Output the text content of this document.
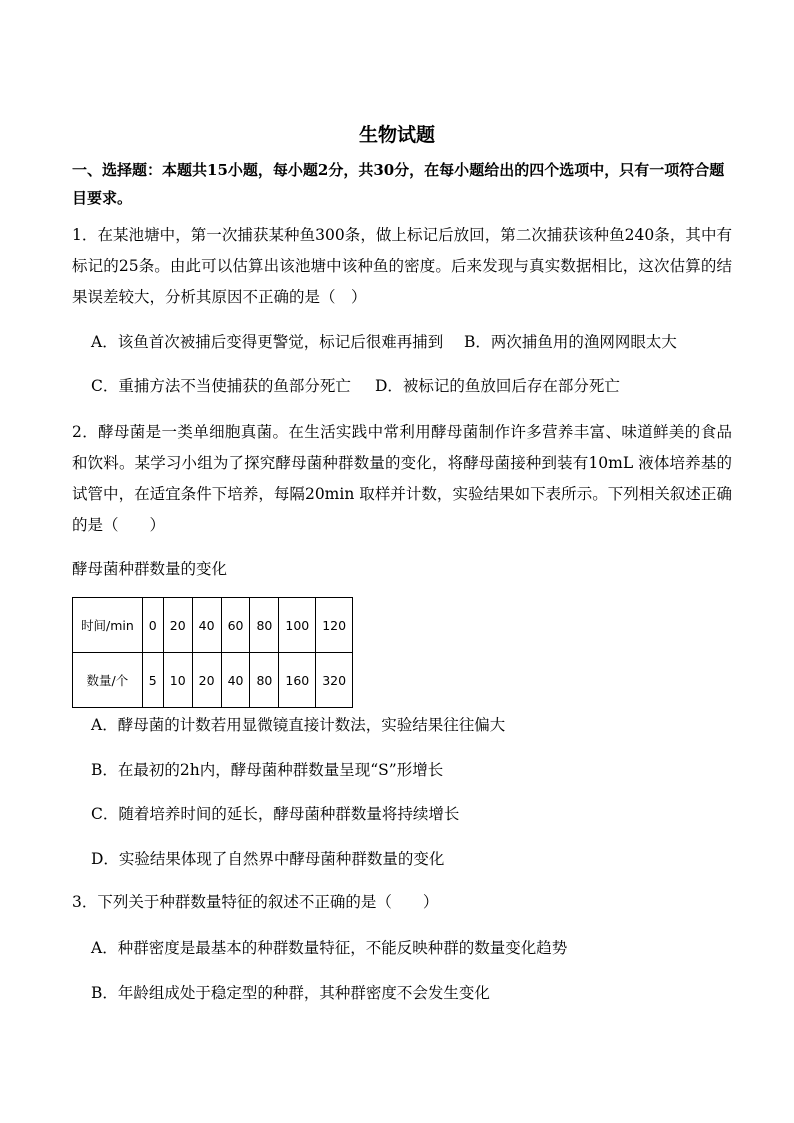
生物试题
一、选择题：本题共15小题，每小题2分，共30分，在每小题给出的四个选项中，只有一项符合题目要求。
1．在某池塘中，第一次捕获某种鱼300条，做上标记后放回，第二次捕获该种鱼240条，其中有标记的25条。由此可以估算出该池塘中该种鱼的密度。后来发现与真实数据相比，这次估算的结果误差较大，分析其原因不正确的是（　）
A．该鱼首次被捕后变得更警觉，标记后很难再捕到 B．两次捕鱼用的渔网网眼太大
C．重捕方法不当使捕获的鱼部分死亡 D．被标记的鱼放回后存在部分死亡
2．酵母菌是一类单细胞真菌。在生活实践中常利用酵母菌制作许多营养丰富、味道鲜美的食品和饮料。某学习小组为了探究酵母菌种群数量的变化，将酵母菌接种到装有10mL 液体培养基的试管中，在适宜条件下培养，每隔20min 取样并计数，实验结果如下表所示。下列相关叙述正确的是（　　）
酵母菌种群数量的变化
时间/min	0	20	40	60	80	100	120
数量/个	5	10	20	40	80	160	320
A．酵母菌的计数若用显微镜直接计数法，实验结果往往偏大
B．在最初的2h内，酵母菌种群数量呈现“S”形增长
C．随着培养时间的延长，酵母菌种群数量将持续增长
D．实验结果体现了自然界中酵母菌种群数量的变化
3．下列关于种群数量特征的叙述不正确的是（　　）
A．种群密度是最基本的种群数量特征，不能反映种群的数量变化趋势
B．年龄组成处于稳定型的种群，其种群密度不会发生变化
